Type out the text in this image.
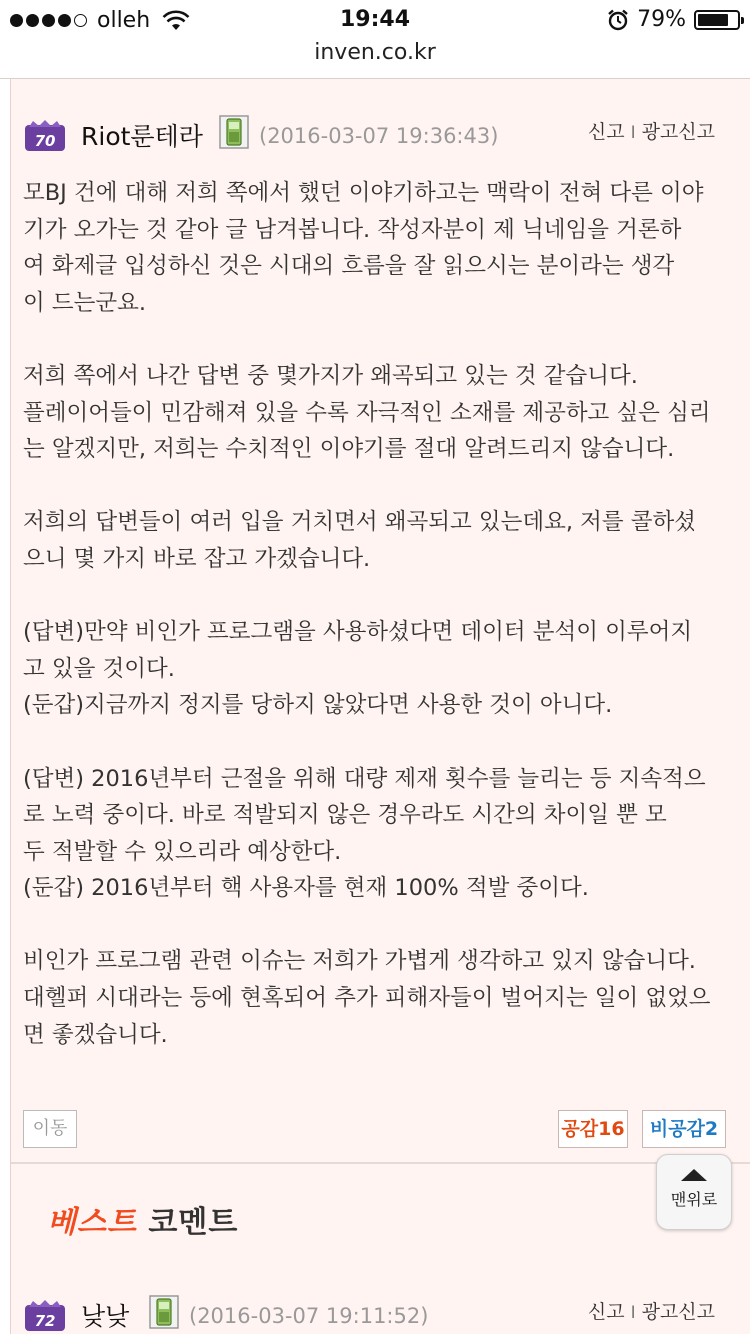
olleh	19:44	79%
inven.co.kr
70 Riot룬테라	(2016-03-07 19:36:43)	신고 I 광고신고

모BJ 건에 대해 저희 쪽에서 했던 이야기하고는 맥락이 전혀 다른 이야

기가 오가는 것 같아 글 남겨봅니다. 작성자분이 제 닉네임을 거론하

여 화제글 입성하신 것은 시대의 흐름을 잘 읽으시는 분이라는 생각

이 드는군요.

저희 쪽에서 나간 답변 중 몇가지가 왜곡되고 있는 것 같습니다.

플레이어들이 민감해져 있을 수록 자극적인 소재를 제공하고 싶은 심리

는 알겠지만, 저희는 수치적인 이야기를 절대 알려드리지 않습니다.

저희의 답변들이 여러 입을 거치면서 왜곡되고 있는데요, 저를 콜하셨

으니 몇 가지 바로 잡고 가겠습니다.

(답변)만약 비인가 프로그램을 사용하셨다면 데이터 분석이 이루어지

고 있을 것이다.

(둔갑)지금까지 정지를 당하지 않았다면 사용한 것이 아니다.

(답변) 2016년부터 근절을 위해 대량 제재 횟수를 늘리는 등 지속적으

로 노력 중이다. 바로 적발되지 않은 경우라도 시간의 차이일 뿐 모

두 적발할 수 있으리라 예상한다.

(둔갑) 2016년부터 핵 사용자를 현재 100% 적발 중이다.

비인가 프로그램 관련 이슈는 저희가 가볍게 생각하고 있지 않습니다.

대헬퍼 시대라는 등에 현혹되어 추가 피해자들이 벌어지는 일이 없었으

면 좋겠습니다.

이동	공감16	비공감2
베스트 코멘트
72 낮낮	(2016-03-07 19:11:52)	신고 I 광고신고
맨위로
